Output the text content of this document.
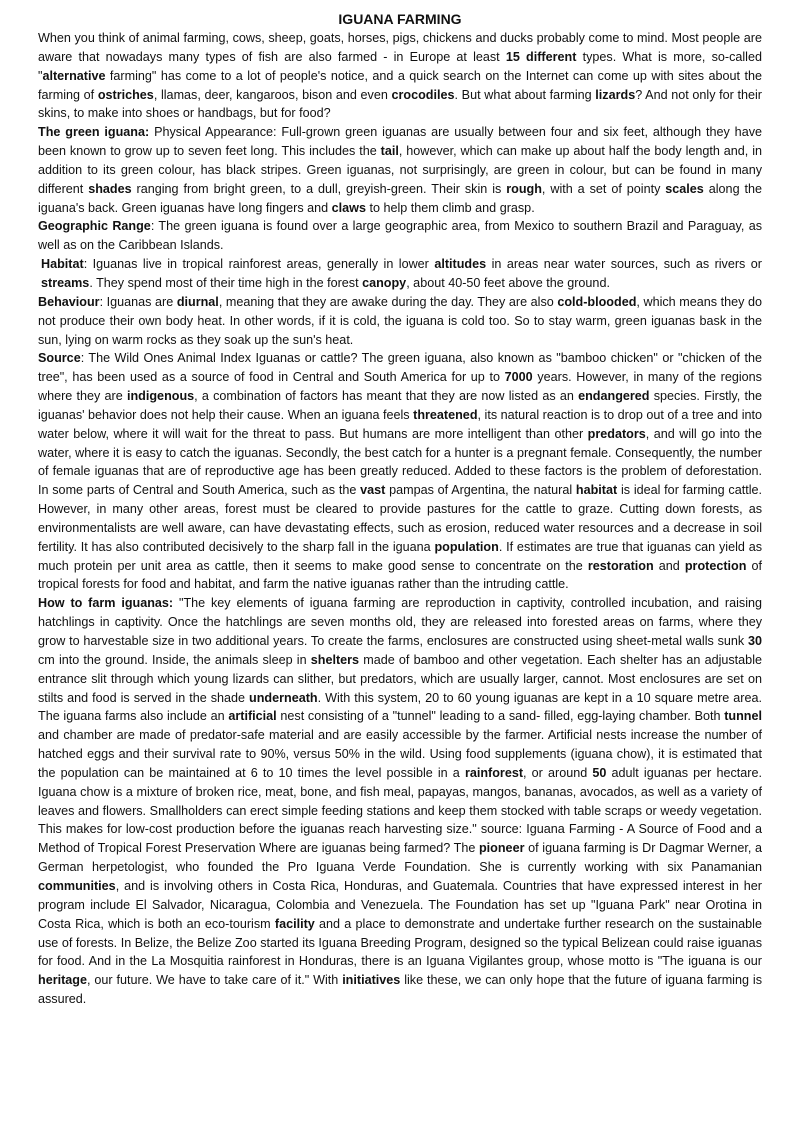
IGUANA FARMING

When you think of animal farming, cows, sheep, goats, horses, pigs, chickens and ducks probably come to mind. Most people are aware that nowadays many types of fish are also farmed - in Europe at least 15 different types. What is more, so-called "alternative farming" has come to a lot of people's notice, and a quick search on the Internet can come up with sites about the farming of ostriches, llamas, deer, kangaroos, bison and even crocodiles. But what about farming lizards? And not only for their skins, to make into shoes or handbags, but for food?

The green iguana: Physical Appearance: Full-grown green iguanas are usually between four and six feet, although they have been known to grow up to seven feet long. This includes the tail, however, which can make up about half the body length and, in addition to its green colour, has black stripes. Green iguanas, not surprisingly, are green in colour, but can be found in many different shades ranging from bright green, to a dull, greyish-green. Their skin is rough, with a set of pointy scales along the iguana's back. Green iguanas have long fingers and claws to help them climb and grasp.

Geographic Range: The green iguana is found over a large geographic area, from Mexico to southern Brazil and Paraguay, as well as on the Caribbean Islands.

Habitat: Iguanas live in tropical rainforest areas, generally in lower altitudes in areas near water sources, such as rivers or streams. They spend most of their time high in the forest canopy, about 40-50 feet above the ground.

Behaviour: Iguanas are diurnal, meaning that they are awake during the day. They are also cold-blooded, which means they do not produce their own body heat. In other words, if it is cold, the iguana is cold too. So to stay warm, green iguanas bask in the sun, lying on warm rocks as they soak up the sun's heat.

Source: The Wild Ones Animal Index Iguanas or cattle? The green iguana, also known as "bamboo chicken" or "chicken of the tree", has been used as a source of food in Central and South America for up to 7000 years. However, in many of the regions where they are indigenous, a combination of factors has meant that they are now listed as an endangered species. Firstly, the iguanas' behavior does not help their cause. When an iguana feels threatened, its natural reaction is to drop out of a tree and into water below, where it will wait for the threat to pass. But humans are more intelligent than other predators, and will go into the water, where it is easy to catch the iguanas. Secondly, the best catch for a hunter is a pregnant female. Consequently, the number of female iguanas that are of reproductive age has been greatly reduced. Added to these factors is the problem of deforestation. In some parts of Central and South America, such as the vast pampas of Argentina, the natural habitat is ideal for farming cattle. However, in many other areas, forest must be cleared to provide pastures for the cattle to graze. Cutting down forests, as environmentalists are well aware, can have devastating effects, such as erosion, reduced water resources and a decrease in soil fertility. It has also contributed decisively to the sharp fall in the iguana population. If estimates are true that iguanas can yield as much protein per unit area as cattle, then it seems to make good sense to concentrate on the restoration and protection of tropical forests for food and habitat, and farm the native iguanas rather than the intruding cattle.

How to farm iguanas: "The key elements of iguana farming are reproduction in captivity, controlled incubation, and raising hatchlings in captivity. Once the hatchlings are seven months old, they are released into forested areas on farms, where they grow to harvestable size in two additional years. To create the farms, enclosures are constructed using sheet-metal walls sunk 30 cm into the ground. Inside, the animals sleep in shelters made of bamboo and other vegetation. Each shelter has an adjustable entrance slit through which young lizards can slither, but predators, which are usually larger, cannot. Most enclosures are set on stilts and food is served in the shade underneath. With this system, 20 to 60 young iguanas are kept in a 10 square metre area. The iguana farms also include an artificial nest consisting of a "tunnel" leading to a sand- filled, egg-laying chamber. Both tunnel and chamber are made of predator-safe material and are easily accessible by the farmer. Artificial nests increase the number of hatched eggs and their survival rate to 90%, versus 50% in the wild. Using food supplements (iguana chow), it is estimated that the population can be maintained at 6 to 10 times the level possible in a rainforest, or around 50 adult iguanas per hectare. Iguana chow is a mixture of broken rice, meat, bone, and fish meal, papayas, mangos, bananas, avocados, as well as a variety of leaves and flowers. Smallholders can erect simple feeding stations and keep them stocked with table scraps or weedy vegetation. This makes for low-cost production before the iguanas reach harvesting size." source: Iguana Farming - A Source of Food and a Method of Tropical Forest Preservation Where are iguanas being farmed? The pioneer of iguana farming is Dr Dagmar Werner, a German herpetologist, who founded the Pro Iguana Verde Foundation. She is currently working with six Panamanian communities, and is involving others in Costa Rica, Honduras, and Guatemala. Countries that have expressed interest in her program include El Salvador, Nicaragua, Colombia and Venezuela. The Foundation has set up "Iguana Park" near Orotina in Costa Rica, which is both an eco-tourism facility and a place to demonstrate and undertake further research on the sustainable use of forests. In Belize, the Belize Zoo started its Iguana Breeding Program, designed so the typical Belizean could raise iguanas for food. And in the La Mosquitia rainforest in Honduras, there is an Iguana Vigilantes group, whose motto is "The iguana is our heritage, our future. We have to take care of it." With initiatives like these, we can only hope that the future of iguana farming is assured.
